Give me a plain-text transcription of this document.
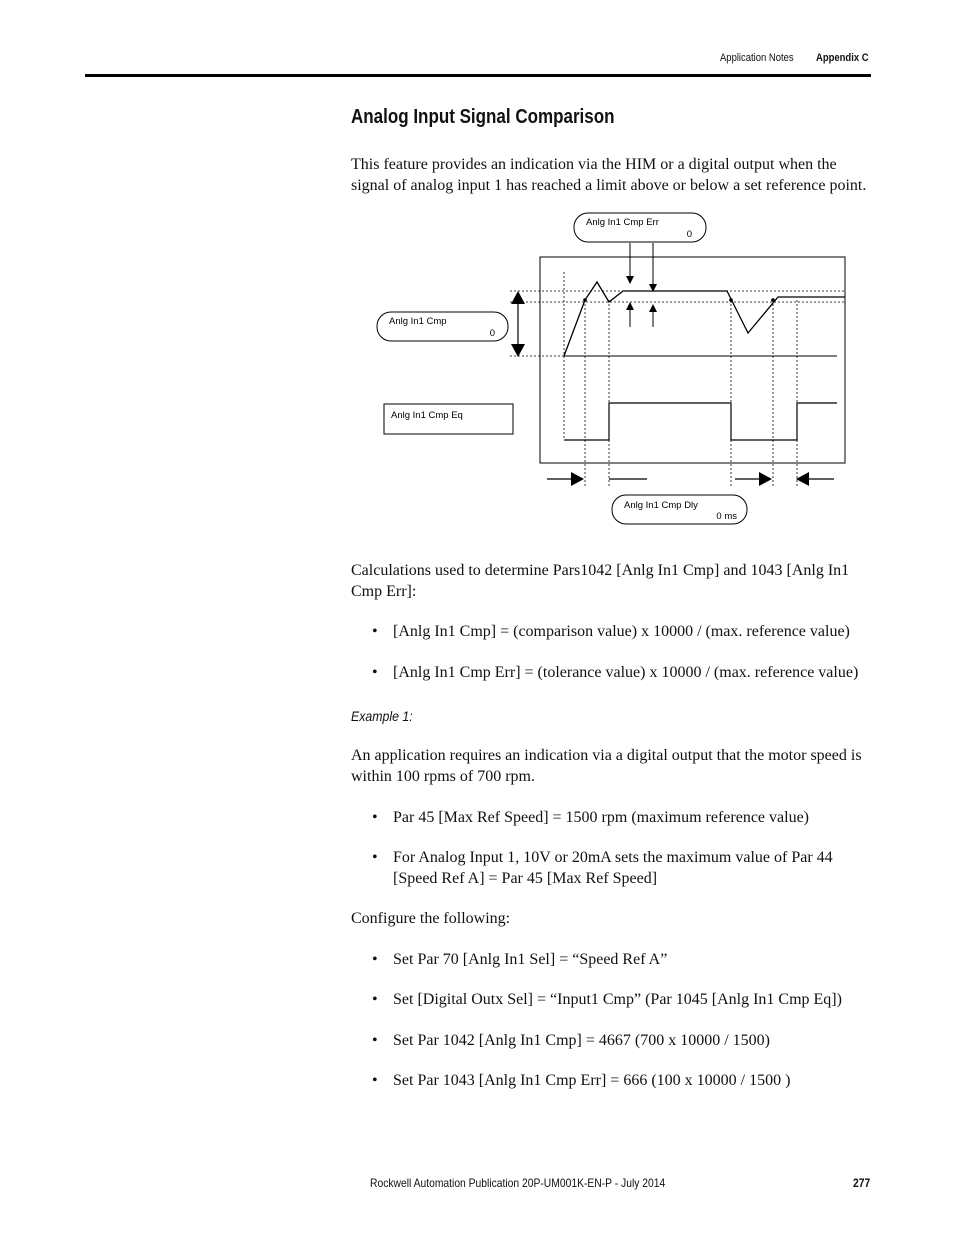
Application Notes Appendix C
Analog Input Signal Comparison

This feature provides an indication via the HIM or a digital output when the signal of analog input 1 has reached a limit above or below a set reference point.

Anlg In1 Cmp Err
0
Anlg In1 Cmp
0
Anlg In1 Cmp Eq
Anlg In1 Cmp Dly
0 ms

Calculations used to determine Pars1042 [Anlg In1 Cmp] and 1043 [Anlg In1 Cmp Err]:

• [Anlg In1 Cmp] = (comparison value) x 10000 / (max. reference value)

• [Anlg In1 Cmp Err] = (tolerance value) x 10000 / (max. reference value)

Example 1:

An application requires an indication via a digital output that the motor speed is within 100 rpms of 700 rpm.

• Par 45 [Max Ref Speed] = 1500 rpm (maximum reference value)

• For Analog Input 1, 10V or 20mA sets the maximum value of Par 44 [Speed Ref A] = Par 45 [Max Ref Speed]

Configure the following:

• Set Par 70 [Anlg In1 Sel] = “Speed Ref A”

• Set [Digital Outx Sel] = “Input1 Cmp” (Par 1045 [Anlg In1 Cmp Eq])

• Set Par 1042 [Anlg In1 Cmp] = 4667 (700 x 10000 / 1500)

• Set Par 1043 [Anlg In1 Cmp Err] = 666 (100 x 10000 / 1500 )

Rockwell Automation Publication 20P-UM001K-EN-P - July 2014	277
